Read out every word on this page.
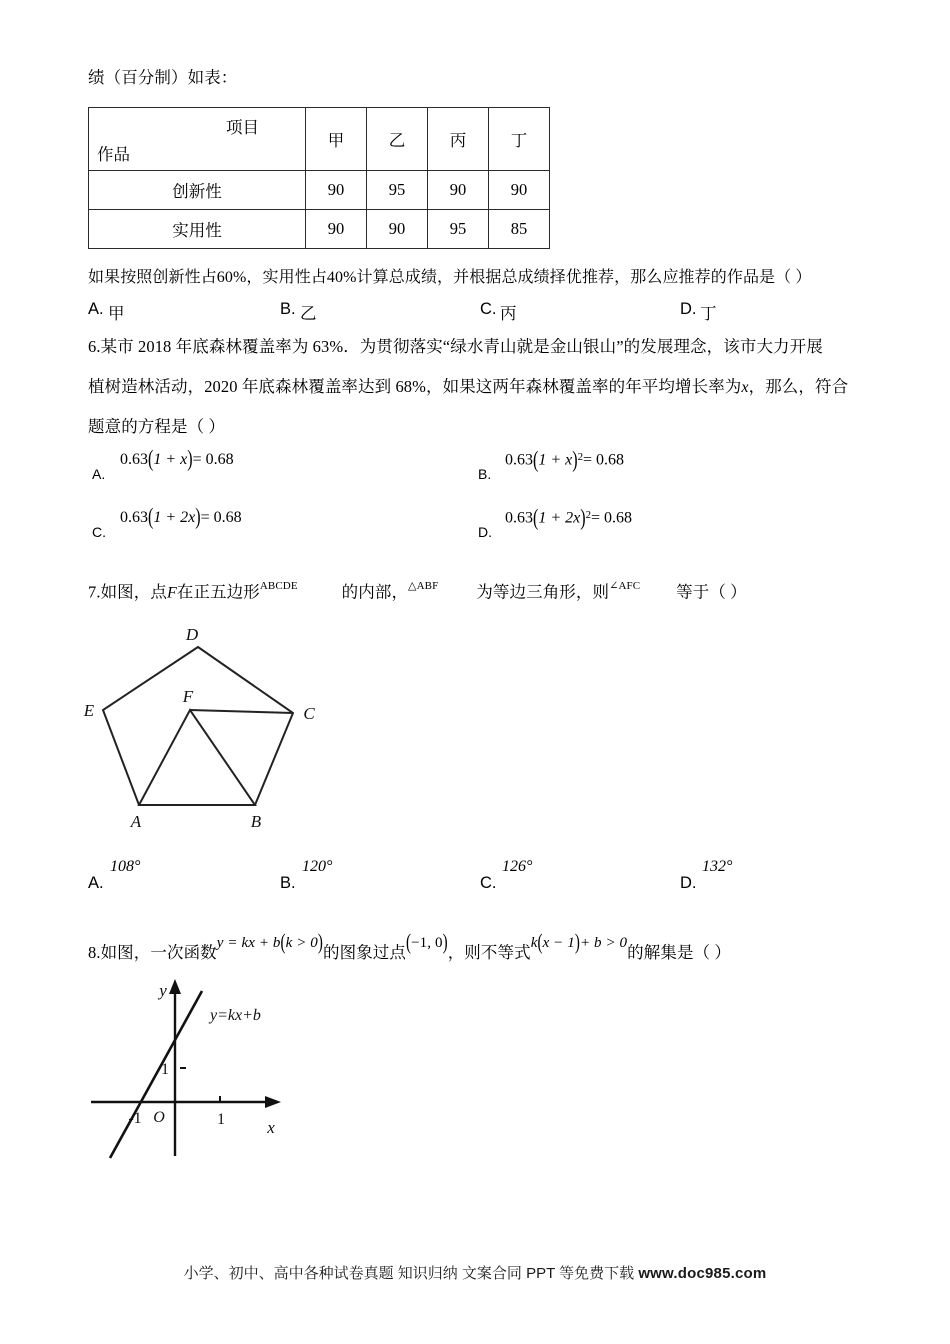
绩（百分制）如表：
项目
作品	甲	乙	丙	丁
创新性	90	95	90	90
实用性	90	90	95	85
如果按照创新性占60%，实用性占40%计算总成绩，并根据总成绩择优推荐，那么应推荐的作品是（ ）
A. 甲	B. 乙	C. 丙	D. 丁
6.某市 2018 年底森林覆盖率为 63%．为贯彻落实“绿水青山就是金山银山”的发展理念，该市大力开展
植树造林活动，2020 年底森林覆盖率达到 68%，如果这两年森林覆盖率的年平均增长率为x，那么，符合
题意的方程是（ ）
A.
0.63(1 + x)= 0.68
B.
$0.63(1 + x)^2= 0.68$
C.
0.63(1 + 2x)= 0.68
D.
$0.63(1 + 2x)^2= 0.68$
7.如图，点F在正五边形$^{ABCDE}$	的内部，$^{\triangle ABF}$ 为等边三角形，则$^{\angle AFC}$ 等于（ ）
D
E	C
F
A	B
A.
108°
B.
120°
C.
126°
D.
132°
8.如图，一次函数y = kx + b(k > 0)的图象过点(−1, 0)，则不等式k(x − 1)+ b > 0的解集是（ ）
y
x
O
-1	1
1
y=kx+b
小学、初中、高中各种试卷真题 知识归纳 文案合同 PPT 等免费下载 www.doc985.com
